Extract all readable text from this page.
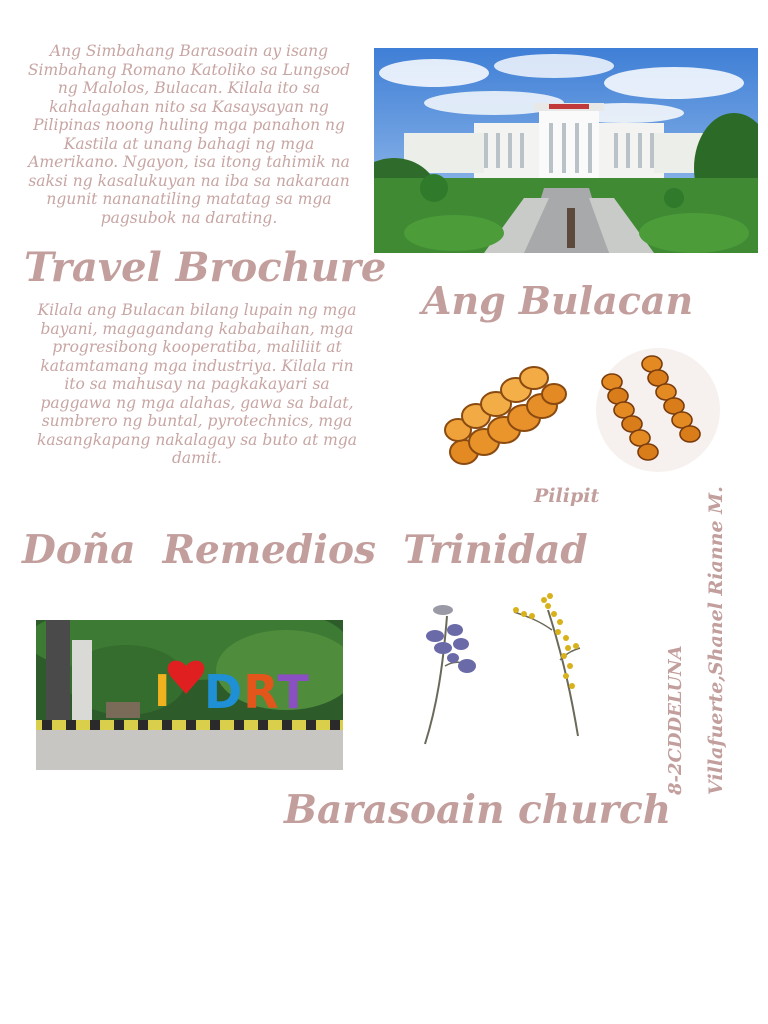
Ang Simbahang Barasoain ay isang Simbahang Romano Katoliko sa Lungsod ng Malolos, Bulacan. Kilala ito sa kahalagahan nito sa Kasaysayan ng Pilipinas noong huling mga panahon ng Kastila at unang bahagi ng mga Amerikano. Ngayon, isa itong tahimik na saksi ng kasalukuyan na iba sa nakaraan ngunit nananatiling matatag sa mga pagsubok na darating.
Travel Brochure
Ang Bulacan
Kilala ang Bulacan bilang lupain ng mga bayani, magagandang kababaihan, mga progresibong kooperatiba, maliliit at katamtamang mga industriya. Kilala rin ito sa mahusay na pagkakayari sa paggawa ng mga alahas, gawa sa balat, sumbrero ng buntal, pyrotechnics, mga kasangkapang nakalagay sa buto at mga damit.
Pilipit
Doña  Remedios  Trinidad	Villafuerte,Shanel Rianne M.
8-2CDDELUNA
I DRT
Barasoain church
